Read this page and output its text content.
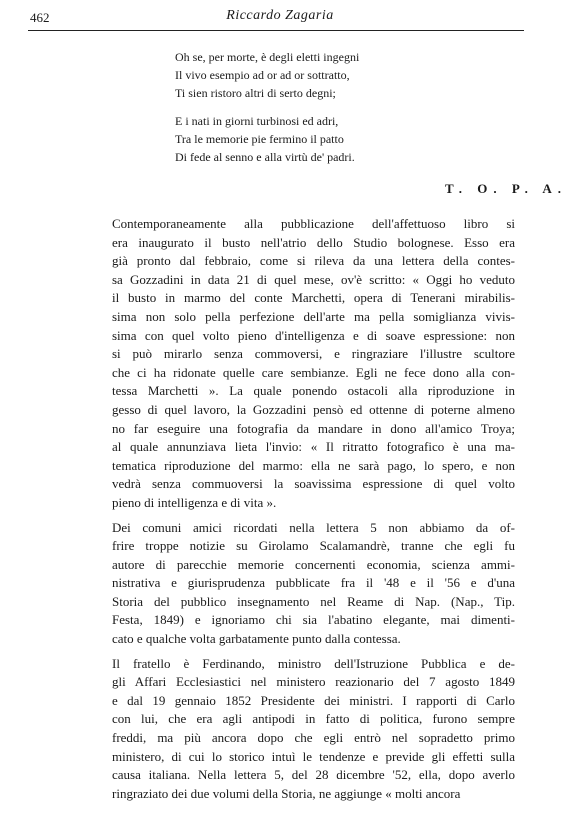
462	Riccardo Zagaria
Oh se, per morte, è degli eletti ingegni
Il vivo esempio ad or ad or sottratto,
Ti sien ristoro altri di serto degni;
E i nati in giorni turbinosi ed adri,
Tra le memorie pie fermino il patto
Di fede al senno e alla virtù de' padri.
T. O. P. A.
Contemporaneamente alla pubblicazione dell'affettuoso libro si
era inaugurato il busto nell'atrio dello Studio bolognese. Esso era
già pronto dal febbraio, come si rileva da una lettera della contes-
sa Gozzadini in data 21 di quel mese, ov'è scritto: « Oggi ho veduto
il busto in marmo del conte Marchetti, opera di Tenerani mirabilis-
sima non solo pella perfezione dell'arte ma pella somiglianza vivis-
sima con quel volto pieno d'intelligenza e di soave espressione: non
si può mirarlo senza commoversi, e ringraziare l'illustre scultore
che ci ha ridonate quelle care sembianze. Egli ne fece dono alla con-
tessa Marchetti ». La quale ponendo ostacoli alla riproduzione in
gesso di quel lavoro, la Gozzadini pensò ed ottenne di poterne almeno
no far eseguire una fotografia da mandare in dono all'amico Troya;
al quale annunziava lieta l'invio: « Il ritratto fotografico è una ma-
tematica riproduzione del marmo: ella ne sarà pago, lo spero, e non
vedrà senza commuoversi la soavissima espressione di quel volto
pieno di intelligenza e di vita ».
Dei comuni amici ricordati nella lettera 5 non abbiamo da of-
frire troppe notizie su Girolamo Scalamandrè, tranne che egli fu
autore di parecchie memorie concernenti economia, scienza ammi-
nistrativa e giurisprudenza pubblicate fra il '48 e il '56 e d'una
Storia del pubblico insegnamento nel Reame di Nap. (Nap., Tip.
Festa, 1849) e ignoriamo chi sia l'abatino elegante, mai dimenti-
cato e qualche volta garbatamente punto dalla contessa.
Il fratello è Ferdinando, ministro dell'Istruzione Pubblica e de-
gli Affari Ecclesiastici nel ministero reazionario del 7 agosto 1849
e dal 19 gennaio 1852 Presidente dei ministri. I rapporti di Carlo
con lui, che era agli antipodi in fatto di politica, furono sempre
freddi, ma più ancora dopo che egli entrò nel sopradetto primo
ministero, di cui lo storico intuì le tendenze e previde gli effetti sulla
causa italiana. Nella lettera 5, del 28 dicembre '52, ella, dopo averlo
ringraziato dei due volumi della Storia, ne aggiunge « molti ancora
